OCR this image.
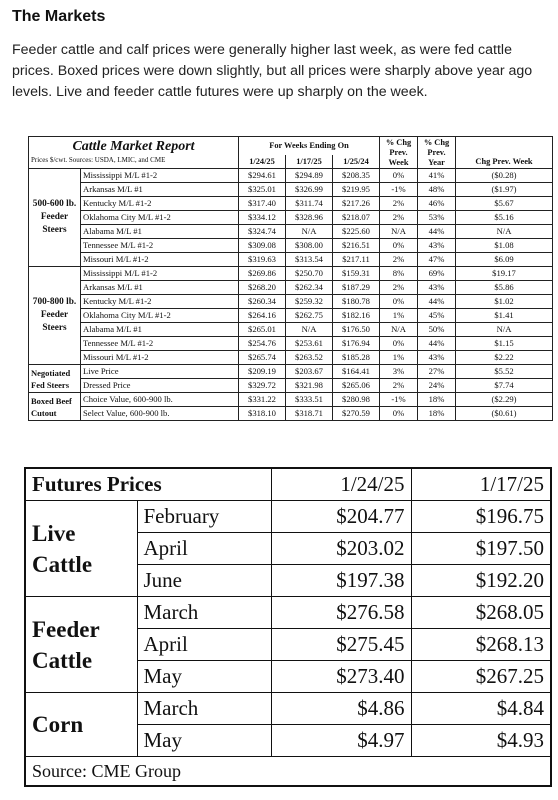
The Markets
Feeder cattle and calf prices were generally higher last week, as were fed cattle prices. Boxed prices were down slightly, but all prices were sharply above year ago levels. Live and feeder cattle futures were up sharply on the week.
Cattle Market Report		For Weeks Ending On			% Chg Prev. Week	% Chg Prev. Year	Chg Prev. Week
Prices $/cwt. Sources: USDA, LMIC, and CME							
		1/24/25	1/17/25	1/25/24			
500-600 lb. Feeder Steers	Mississippi M/L #1-2	$294.61	$294.89	$208.35	0%	41%	($0.28)
	Arkansas M/L #1	$325.01	$326.99	$219.95	-1%	48%	($1.97)
	Kentucky M/L #1-2	$317.40	$311.74	$217.26	2%	46%	$5.67
	Oklahoma City M/L #1-2	$334.12	$328.96	$218.07	2%	53%	$5.16
	Alabama M/L #1	$324.74	N/A	$225.60	N/A	44%	N/A
	Tennessee M/L #1-2	$309.08	$308.00	$216.51	0%	43%	$1.08
	Missouri M/L #1-2	$319.63	$313.54	$217.11	2%	47%	$6.09
700-800 lb. Feeder Steers	Mississippi M/L #1-2	$269.86	$250.70	$159.31	8%	69%	$19.17
	Arkansas M/L #1	$268.20	$262.34	$187.29	2%	43%	$5.86
	Kentucky M/L #1-2	$260.34	$259.32	$180.78	0%	44%	$1.02
	Oklahoma City M/L #1-2	$264.16	$262.75	$182.16	1%	45%	$1.41
	Alabama M/L #1	$265.01	N/A	$176.50	N/A	50%	N/A
	Tennessee M/L #1-2	$254.76	$253.61	$176.94	0%	44%	$1.15
	Missouri M/L #1-2	$265.74	$263.52	$185.28	1%	43%	$2.22
Negotiated Fed Steers	Live Price	$209.19	$203.67	$164.41	3%	27%	$5.52
	Dressed Price	$329.72	$321.98	$265.06	2%	24%	$7.74
Boxed Beef Cutout	Choice Value, 600-900 lb.	$331.22	$333.51	$280.98	-1%	18%	($2.29)
	Select Value, 600-900 lb.	$318.10	$318.71	$270.59	0%	18%	($0.61)
Futures Prices		1/24/25	1/17/25
Live Cattle	February	$204.77	$196.75
	April	$203.02	$197.50
	June	$197.38	$192.20
Feeder Cattle	March	$276.58	$268.05
	April	$275.45	$268.13
	May	$273.40	$267.25
Corn	March	$4.86	$4.84
	May	$4.97	$4.93
Source: CME Group			
